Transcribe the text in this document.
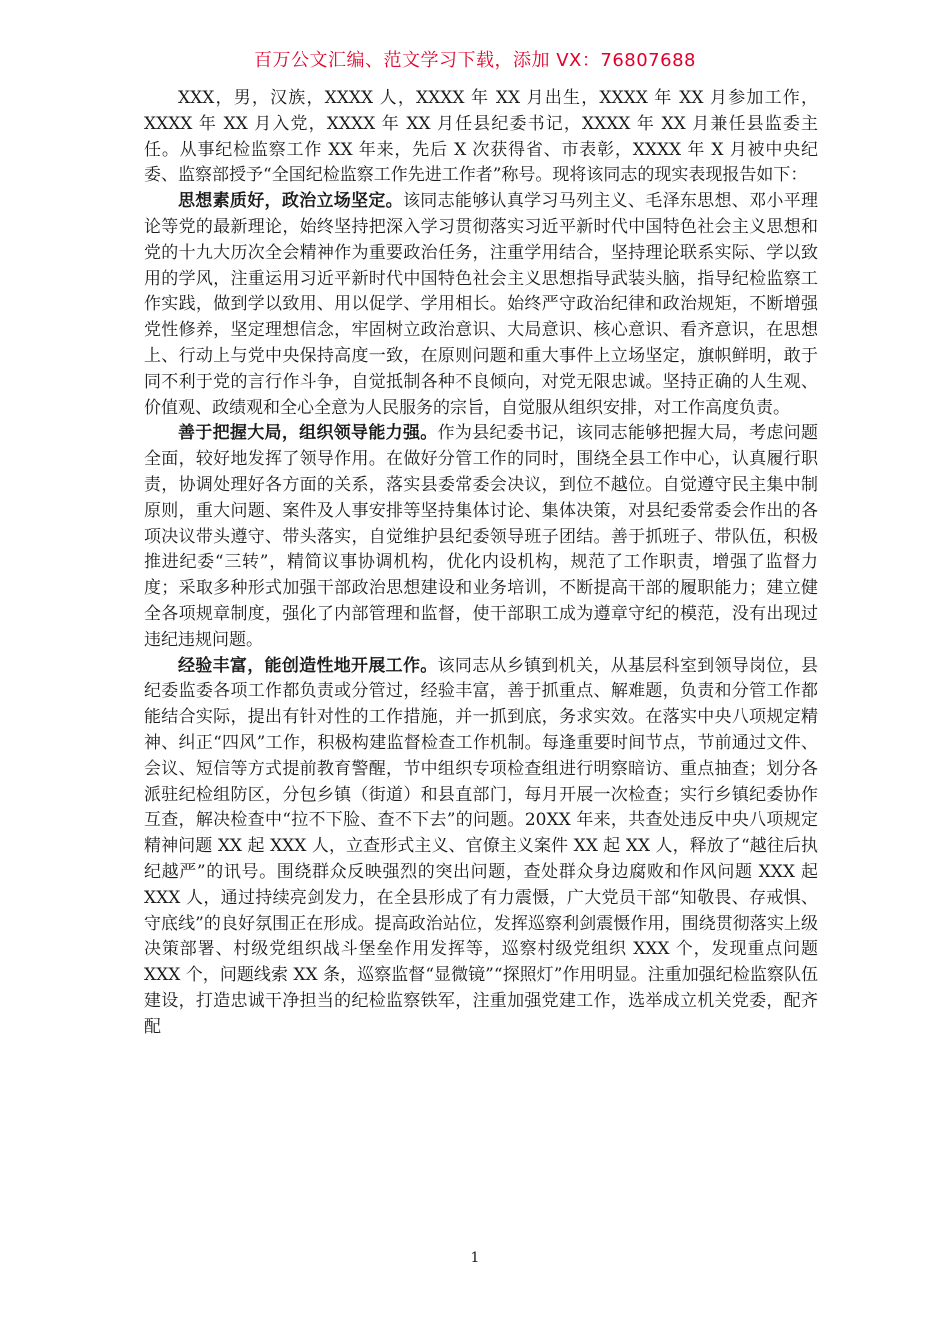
百万公文汇编、范文学习下载，添加 VX：76807688

XXX，男，汉族，XXXX 人，XXXX 年 XX 月出生，XXXX 年 XX 月参加工作，XXXX 年 XX 月入党，XXXX 年 XX 月任县纪委书记，XXXX 年 XX 月兼任县监委主任。从事纪检监察工作 XX 年来，先后 X 次获得省、市表彰，XXXX 年 X 月被中央纪委、监察部授予“全国纪检监察工作先进工作者”称号。现将该同志的现实表现报告如下：

思想素质好，政治立场坚定。该同志能够认真学习马列主义、毛泽东思想、邓小平理论等党的最新理论，始终坚持把深入学习贯彻落实习近平新时代中国特色社会主义思想和党的十九大历次全会精神作为重要政治任务，注重学用结合，坚持理论联系实际、学以致用的学风，注重运用习近平新时代中国特色社会主义思想指导武装头脑，指导纪检监察工作实践，做到学以致用、用以促学、学用相长。始终严守政治纪律和政治规矩，不断增强党性修养，坚定理想信念，牢固树立政治意识、大局意识、核心意识、看齐意识，在思想上、行动上与党中央保持高度一致，在原则问题和重大事件上立场坚定，旗帜鲜明，敢于同不利于党的言行作斗争，自觉抵制各种不良倾向，对党无限忠诚。坚持正确的人生观、价值观、政绩观和全心全意为人民服务的宗旨，自觉服从组织安排，对工作高度负责。

善于把握大局，组织领导能力强。作为县纪委书记，该同志能够把握大局，考虑问题全面，较好地发挥了领导作用。在做好分管工作的同时，围绕全县工作中心，认真履行职责，协调处理好各方面的关系，落实县委常委会决议，到位不越位。自觉遵守民主集中制原则，重大问题、案件及人事安排等坚持集体讨论、集体决策，对县纪委常委会作出的各项决议带头遵守、带头落实，自觉维护县纪委领导班子团结。善于抓班子、带队伍，积极推进纪委“三转”，精简议事协调机构，优化内设机构，规范了工作职责，增强了监督力度；采取多种形式加强干部政治思想建设和业务培训，不断提高干部的履职能力；建立健全各项规章制度，强化了内部管理和监督，使干部职工成为遵章守纪的模范，没有出现过违纪违规问题。

经验丰富，能创造性地开展工作。该同志从乡镇到机关，从基层科室到领导岗位，县纪委监委各项工作都负责或分管过，经验丰富，善于抓重点、解难题，负责和分管工作都能结合实际，提出有针对性的工作措施，并一抓到底，务求实效。在落实中央八项规定精神、纠正“四风”工作，积极构建监督检查工作机制。每逢重要时间节点，节前通过文件、会议、短信等方式提前教育警醒，节中组织专项检查组进行明察暗访、重点抽查；划分各派驻纪检组防区，分包乡镇（街道）和县直部门，每月开展一次检查；实行乡镇纪委协作互查，解决检查中“拉不下脸、查不下去”的问题。20XX 年来，共查处违反中央八项规定精神问题 XX 起 XXX 人，立查形式主义、官僚主义案件 XX 起 XX 人，释放了“越往后执纪越严”的讯号。围绕群众反映强烈的突出问题，查处群众身边腐败和作风问题 XXX 起 XXX 人，通过持续亮剑发力，在全县形成了有力震慑，广大党员干部“知敬畏、存戒惧、守底线”的良好氛围正在形成。提高政治站位，发挥巡察利剑震慑作用，围绕贯彻落实上级决策部署、村级党组织战斗堡垒作用发挥等，巡察村级党组织 XXX 个，发现重点问题 XXX 个，问题线索 XX 条，巡察监督“显微镜”“探照灯”作用明显。注重加强纪检监察队伍建设，打造忠诚干净担当的纪检监察铁军，注重加强党建工作，选举成立机关党委，配齐配

1
